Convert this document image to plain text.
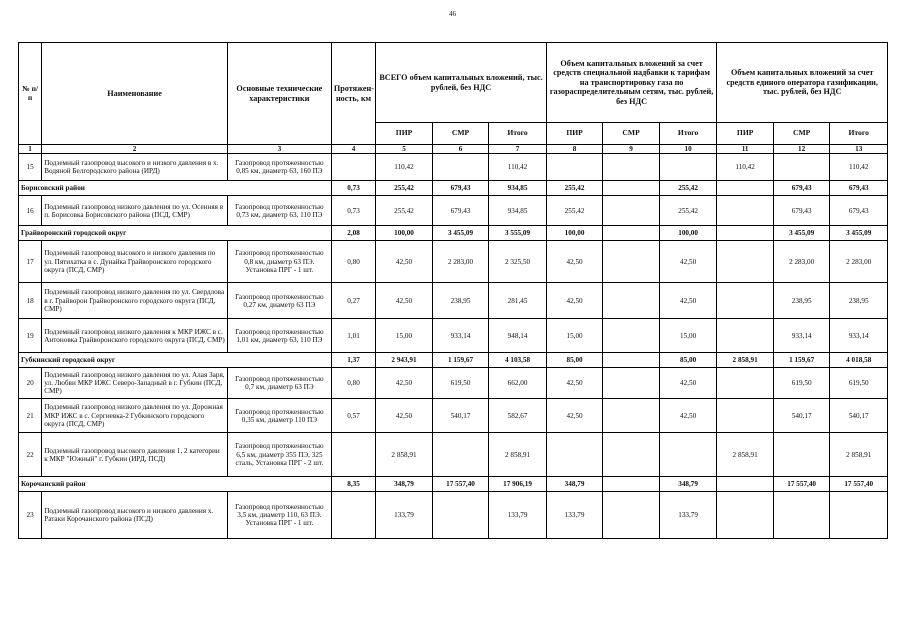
46
№ п/п	Наименование	Основные технические характеристики	Протяжен- ность, км	ВСЕГО объем капитальных вложений, тыс. рублей, без НДС			Объем капитальных вложений за счет средств специальной надбавки к тарифам на транспортировку газа по газораспределительным сетям, тыс. рублей, без НДС			Объем капитальных вложений за счет средств единого оператора газификации, тыс. рублей, без НДС		
				ПИР	СМР	Итого	ПИР	СМР	Итого	ПИР	СМР	Итого
1	2	3	4	5	6	7	8	9	10	11	12	13
15	Подземный газопровод высокого и низкого давления в х. Водяной Белгородского района (ИРД)	Газопровод протяженностью 0,85 км, диаметр 63, 160 ПЭ		110,42		110,42				110,42		110,42
Борисовский район			0,73	255,42	679,43	934,85	255,42		255,42		679,43	679,43
16	Подземный газопровод низкого давления по ул. Осенняя в п. Борисовка Борисовского района (ПСД, СМР)	Газопровод протяженностью 0,73 км, диаметр 63, 110 ПЭ	0,73	255,42	679,43	934,85	255,42		255,42		679,43	679,43
Грайворонский городской округ			2,08	100,00	3 455,09	3 555,09	100,00		100,00		3 455,09	3 455,09
17	Подземный газопровод высокого и низкого давления по ул. Пятихатка в с. Дунайка Грайворонского городского округа (ПСД, СМР)	Газопровод протяженностью 0,8 км, диаметр 63 ПЭ. Установка ПРГ - 1 шт.	0,80	42,50	2 283,00	2 325,50	42,50		42,50		2 283,00	2 283,00
18	Подземный газопровод низкого давления по ул. Свердлова в г. Грайворон Грайворонского городского округа (ПСД, СМР)	Газопровод протяженностью 0,27 км, диаметр 63 ПЭ	0,27	42,50	238,95	281,45	42,50		42,50		238,95	238,95
19	Подземный газопровод низкого давления к МКР ИЖС в с. Антоновка Грайворонского городского округа (ПСД, СМР)	Газопровод протяженностью 1,01 км, диаметр 63, 110 ПЭ	1,01	15,00	933,14	948,14	15,00		15,00		933,14	933,14
Губкинский городской округ			1,37	2 943,91	1 159,67	4 103,58	85,00		85,00	2 858,91	1 159,67	4 018,58
20	Подземный газопровод низкого давления по ул. Алая Заря, ул. Любви МКР ИЖС Северо-Западный в г. Губкин (ПСД, СМР)	Газопровод протяженностью 0,7 км, диаметр 63 ПЭ	0,80	42,50	619,50	662,00	42,50		42,50		619,50	619,50
21	Подземный газопровод низкого давления по ул. Дорожная МКР ИЖС в с. Сергиевка-2 Губкинского городского округа (ПСД, СМР)	Газопровод протяженностью 0,35 км, диаметр 110 ПЭ	0,57	42,50	540,17	582,67	42,50		42,50		540,17	540,17
22	Подземный газопровод высокого давления 1, 2 категории к МКР "Южный" г. Губкин (ИРД, ПСД)	Газопровод протяженностью 6,5 км, диаметр 355 ПЭ, 325 сталь, Установка ПРГ - 2 шт.		2 858,91		2 858,91				2 858,91		2 858,91
Корочанский район			8,35	348,79	17 557,40	17 906,19	348,79		348,79		17 557,40	17 557,40
23	Подземный газопровод высокого и низкого давления х. Ратаки Корочанского района (ПСД)	Газопровод протяженностью 3,5 км, диаметр 110, 63 ПЭ. Установка ПРГ - 1 шт.		133,79		133,79	133,79		133,79			
